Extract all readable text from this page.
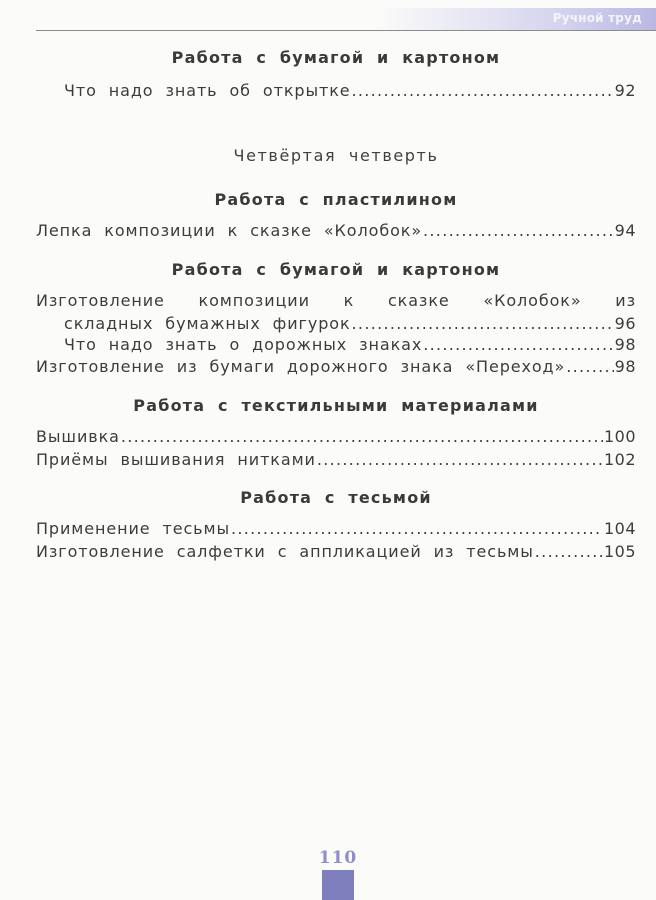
Ручной труд
Работа с бумагой и картоном
Что надо знать об открытке .....	92
Четвёртая четверть
Работа с пластилином
Лепка композиции к сказке «Колобок» .....	94
Работа с бумагой и картоном
Изготовление композиции к сказке «Колобок» из
складных бумажных фигурок .....	96
Что надо знать о дорожных знаках .....	98
Изготовление из бумаги дорожного знака «Переход» .....	98
Работа с текстильными материалами
Вышивка .....	100
Приёмы вышивания нитками .....	102
Работа с тесьмой
Применение тесьмы .....	104
Изготовление салфетки с аппликацией из тесьмы .....	105
110
